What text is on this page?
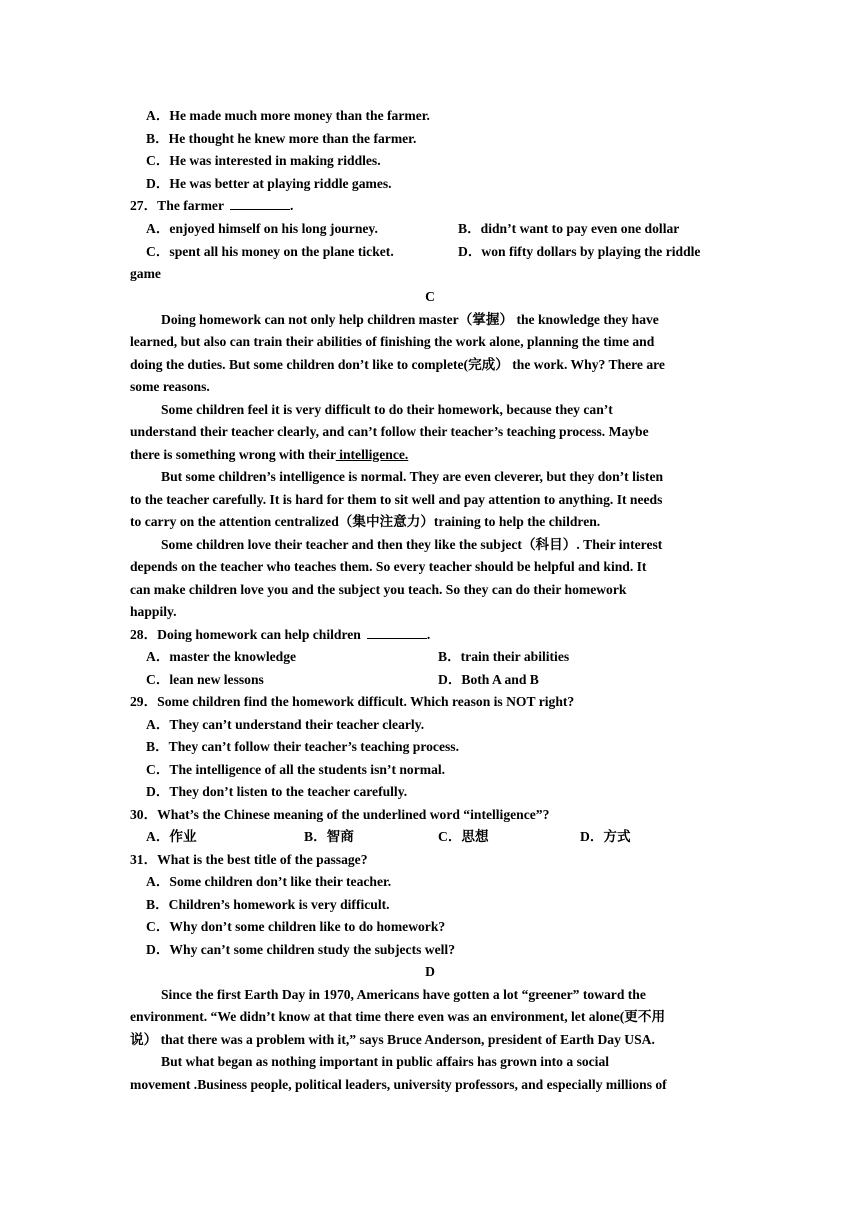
A．He made much more money than the farmer.
B．He thought he knew more than the farmer.
C．He was interested in making riddles.
D．He was better at playing riddle games.
27．The farmer	.
A．enjoyed himself on his long journey.	B．didn’t want to pay even one dollar
C．spent all his money on the plane ticket.	D．won fifty dollars by playing the riddle
game
C
Doing homework can not only help children master（掌握） the knowledge they have
learned, but also can train their abilities of finishing the work alone, planning the time and
doing the duties. But some children don’t like to complete(完成） the work. Why? There are
some reasons.
Some children feel it is very difficult to do their homework, because they can’t
understand their teacher clearly, and can’t follow their teacher’s teaching process. Maybe
there is something wrong with their intelligence.
But some children’s intelligence is normal. They are even cleverer, but they don’t listen
to the teacher carefully. It is hard for them to sit well and pay attention to anything. It needs
to carry on the attention centralized（集中注意力）training to help the children.
Some children love their teacher and then they like the subject（科目）. Their interest
depends on the teacher who teaches them. So every teacher should be helpful and kind. It
can make children love you and the subject you teach. So they can do their homework
happily.
28．Doing homework can help children	.
A．master the knowledge	B．train their abilities
C．lean new lessons	D．Both A and B
29．Some children find the homework difficult. Which reason is NOT right?
A．They can’t understand their teacher clearly.
B．They can’t follow their teacher’s teaching process.
C．The intelligence of all the students isn’t normal.
D．They don’t listen to the teacher carefully.
30．What’s the Chinese meaning of the underlined word “intelligence”?
A．作业	B．智商	C．思想	D．方式
31．What is the best title of the passage?
A．Some children don’t like their teacher.
B．Children’s homework is very difficult.
C．Why don’t some children like to do homework?
D．Why can’t some children study the subjects well?
D
Since the first Earth Day in 1970, Americans have gotten a lot “greener” toward the
environment. “We didn’t know at that time there even was an environment, let alone(更不用
说） that there was a problem with it,” says Bruce Anderson, president of Earth Day USA.
But what began as nothing important in public affairs has grown into a social
movement .Business people, political leaders, university professors, and especially millions of
